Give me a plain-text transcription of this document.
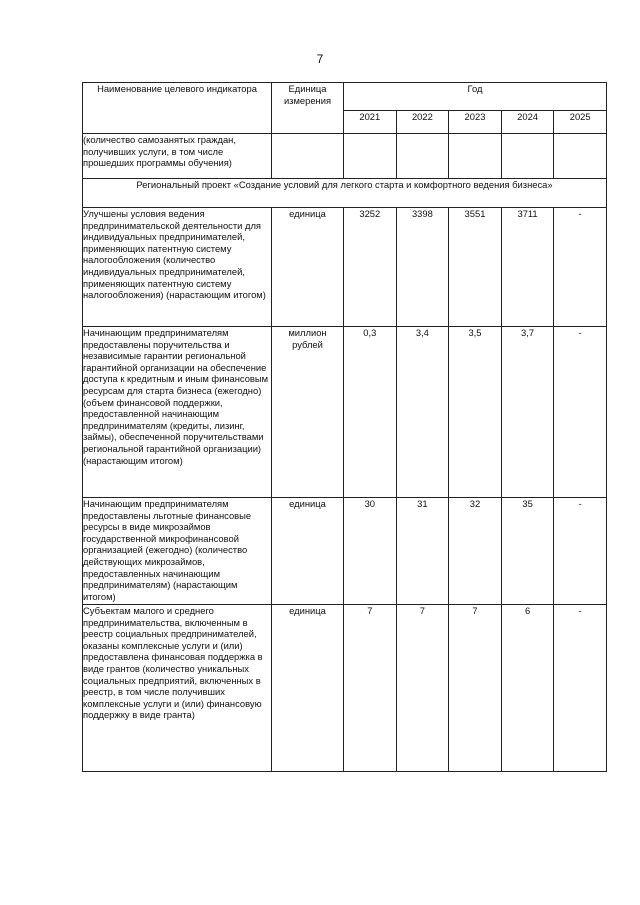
7
Наименование целевого индикатора	Единица измерения	Год				
		2021	2022	2023	2024	2025
(количество самозанятых граждан, получивших услуги, в том числе прошедших программы обучения)						
Региональный проект «Создание условий для легкого старта и комфортного ведения бизнеса»						
Улучшены условия ведения предпринимательской деятельности для индивидуальных предпринимателей, применяющих патентную систему налогообложения (количество индивидуальных предпринимателей, применяющих патентную систему налогообложения) (нарастающим итогом)	единица	3252	3398	3551	3711	-
Начинающим предпринимателям предоставлены поручительства и независимые гарантии региональной гарантийной организации на обеспечение доступа к кредитным и иным финансовым ресурсам для старта бизнеса (ежегодно) (объем финансовой поддержки, предоставленной начинающим предпринимателям (кредиты, лизинг, займы), обеспеченной поручительствами региональной гарантийной организации) (нарастающим итогом)	миллион рублей	0,3	3,4	3,5	3,7	-
Начинающим предпринимателям предоставлены льготные финансовые ресурсы в виде микрозаймов государственной микрофинансовой организацией (ежегодно) (количество действующих микрозаймов, предоставленных начинающим предпринимателям) (нарастающим итогом)	единица	30	31	32	35	-
Субъектам малого и среднего предпринимательства, включенным в реестр социальных предпринимателей, оказаны комплексные услуги и (или) предоставлена финансовая поддержка в виде грантов (количество уникальных социальных предприятий, включенных в реестр, в том числе получивших комплексные услуги и (или) финансовую поддержку в виде гранта)	единица	7	7	7	6	-
